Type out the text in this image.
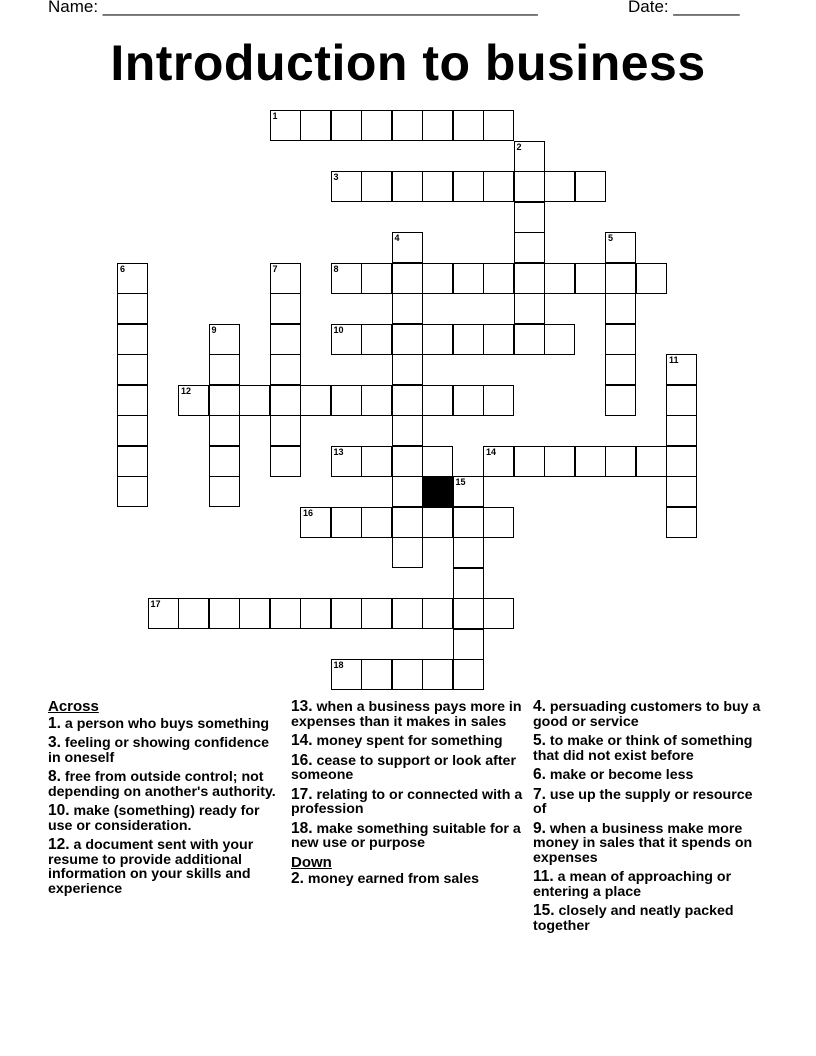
Name: ______________________________________________	Date: _______
Introduction to business
1
2
3
4	5
6	7	8
9	10
11
12
13	14
15
16
17
18
Across
1. a person who buys something
3. feeling or showing confidence in oneself
8. free from outside control; not depending on another's authority.
10. make (something) ready for use or consideration.
12. a document sent with your resume to provide additional information on your skills and experience
13. when a business pays more in expenses than it makes in sales
14. money spent for something
16. cease to support or look after someone
17. relating to or connected with a profession
18. make something suitable for a new use or purpose
Down
2. money earned from sales
4. persuading customers to buy a good or service
5. to make or think of something that did not exist before
6. make or become less
7. use up the supply or resource of
9. when a business make more money in sales that it spends on expenses
11. a mean of approaching or entering a place
15. closely and neatly packed together
